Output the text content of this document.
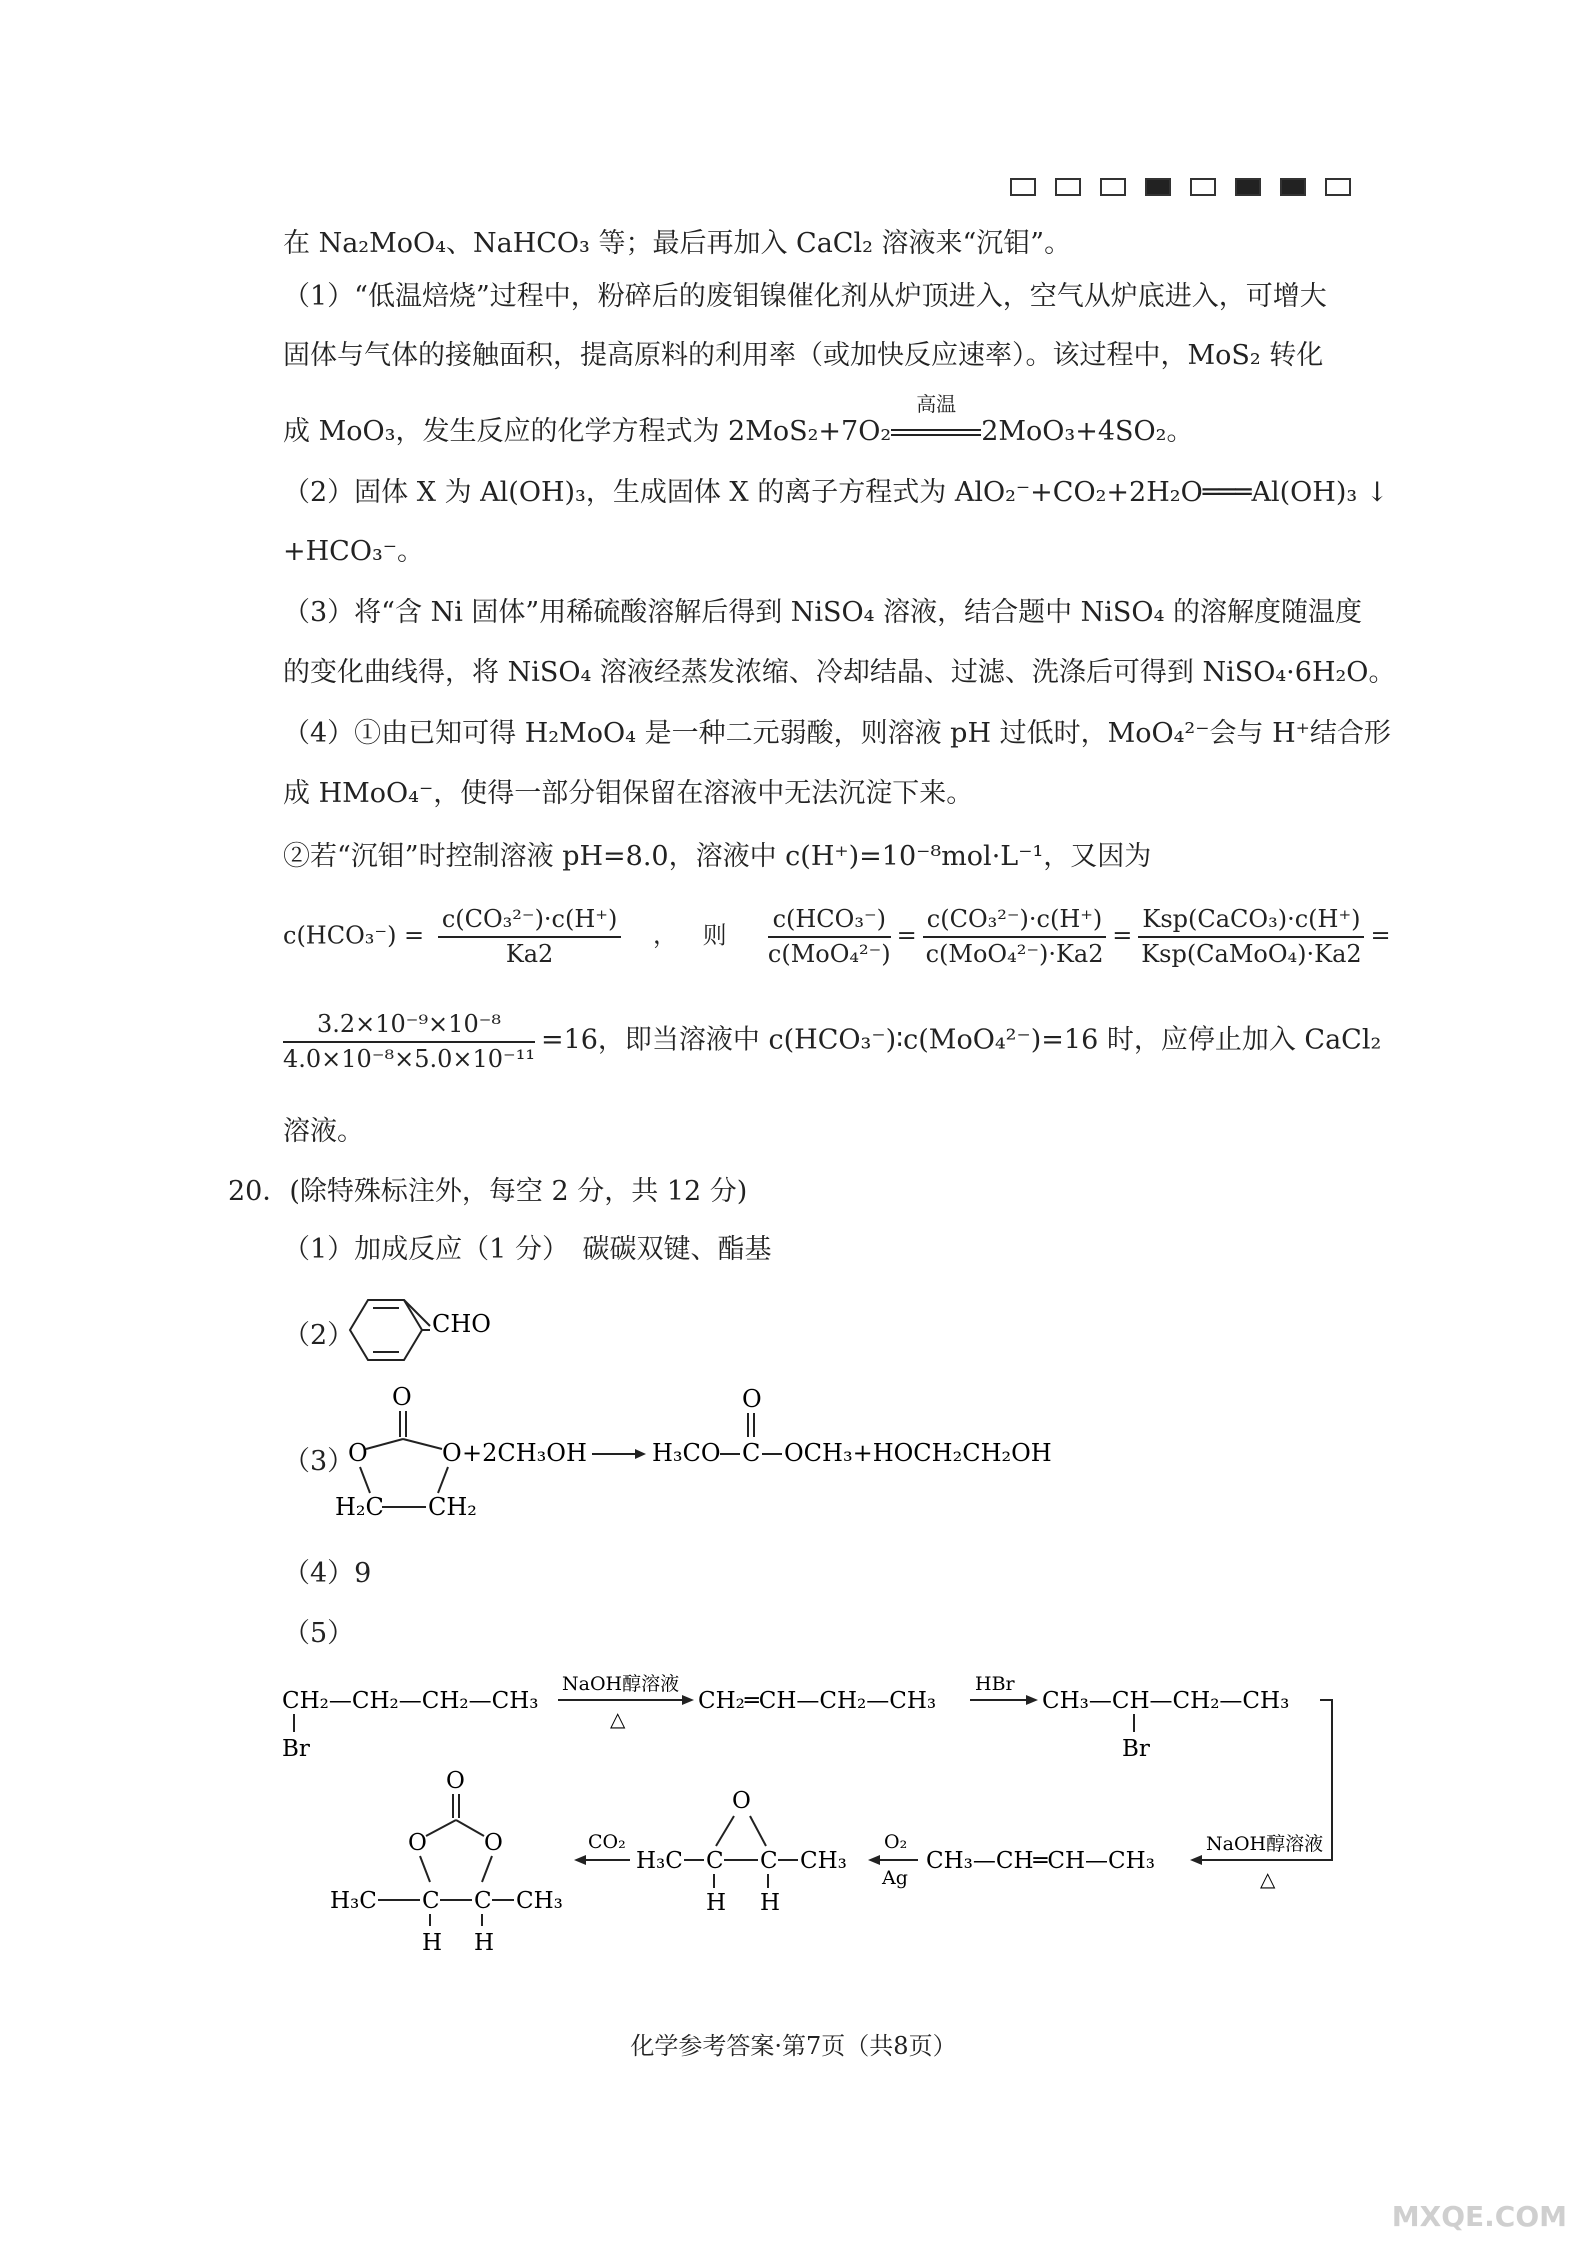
在 Na₂MoO₄、NaHCO₃ 等；最后再加入 CaCl₂ 溶液来“沉钼”。
（1）“低温焙烧”过程中，粉碎后的废钼镍催化剂从炉顶进入，空气从炉底进入，可增大
固体与气体的接触面积，提高原料的利用率（或加快反应速率）。该过程中，MoS₂ 转化
成 MoO₃，发生反应的化学方程式为 2MoS₂+7O₂
高温
2MoO₃+4SO₂。
（2）固体 X 为 Al(OH)₃，生成固体 X 的离子方程式为 AlO₂⁻+CO₂+2H₂O═══Al(OH)₃ ↓
+HCO₃⁻。
（3）将“含 Ni 固体”用稀硫酸溶解后得到 NiSO₄ 溶液，结合题中 NiSO₄ 的溶解度随温度
的变化曲线得，将 NiSO₄ 溶液经蒸发浓缩、冷却结晶、过滤、洗涤后可得到 NiSO₄·6H₂O。
（4）①由已知可得 H₂MoO₄ 是一种二元弱酸，则溶液 pH 过低时，MoO₄²⁻会与 H⁺结合形
成 HMoO₄⁻，使得一部分钼保留在溶液中无法沉淀下来。
②若“沉钼”时控制溶液 pH=8.0，溶液中 c(H⁺)=10⁻⁸mol·L⁻¹，又因为
$c(HCO_3^-) = \frac{\text{c(CO₃²⁻)·c(H⁺)}}{Ka2}$ ， 则 $\frac{\text{c(HCO₃⁻)}}{\text{c(MoO₄²⁻)}} = \frac{\text{c(CO₃²⁻)·c(H⁺)}}{\text{c(MoO₄²⁻)·Ka2}} = \frac{\text{Ksp(CaCO₃)·c(H⁺)}}{\text{Ksp(CaMoO₄)·Ka2}}$ =
$\frac{\text{3.2×10⁻⁹×10⁻⁸}}{\text{4.0×10⁻⁸×5.0×10⁻¹¹}} =16$，即当溶液中 c(HCO₃⁻)∶c(MoO₄²⁻)=16 时，应停止加入 CaCl₂
溶液。
20．(除特殊标注外，每空 2 分，共 12 分)
（1）加成反应（1 分）　碳碳双键、酯基
（2）	CHO
（3）
O
O	O
H₂C CH₂
+2CH₃OH	H₃CO C
O
OCH₃+HOCH₂CH₂OH
（4）9
（5）
CH₂—CH₂—CH₂—CH₃
Br
NaOH醇溶液
△
CH₂═CH—CH₂—CH₃
HBr
CH₃—CH—CH₂—CH₃
Br
NaOH醇溶液
△
CH₃—CH═CH—CH₃
O₂
Ag
H₃C C C CH₃
O
H H
CO₂
O
O O
H₃C C C CH₃
H H
化学参考答案·第7页（共8页）
MXQE.COM
